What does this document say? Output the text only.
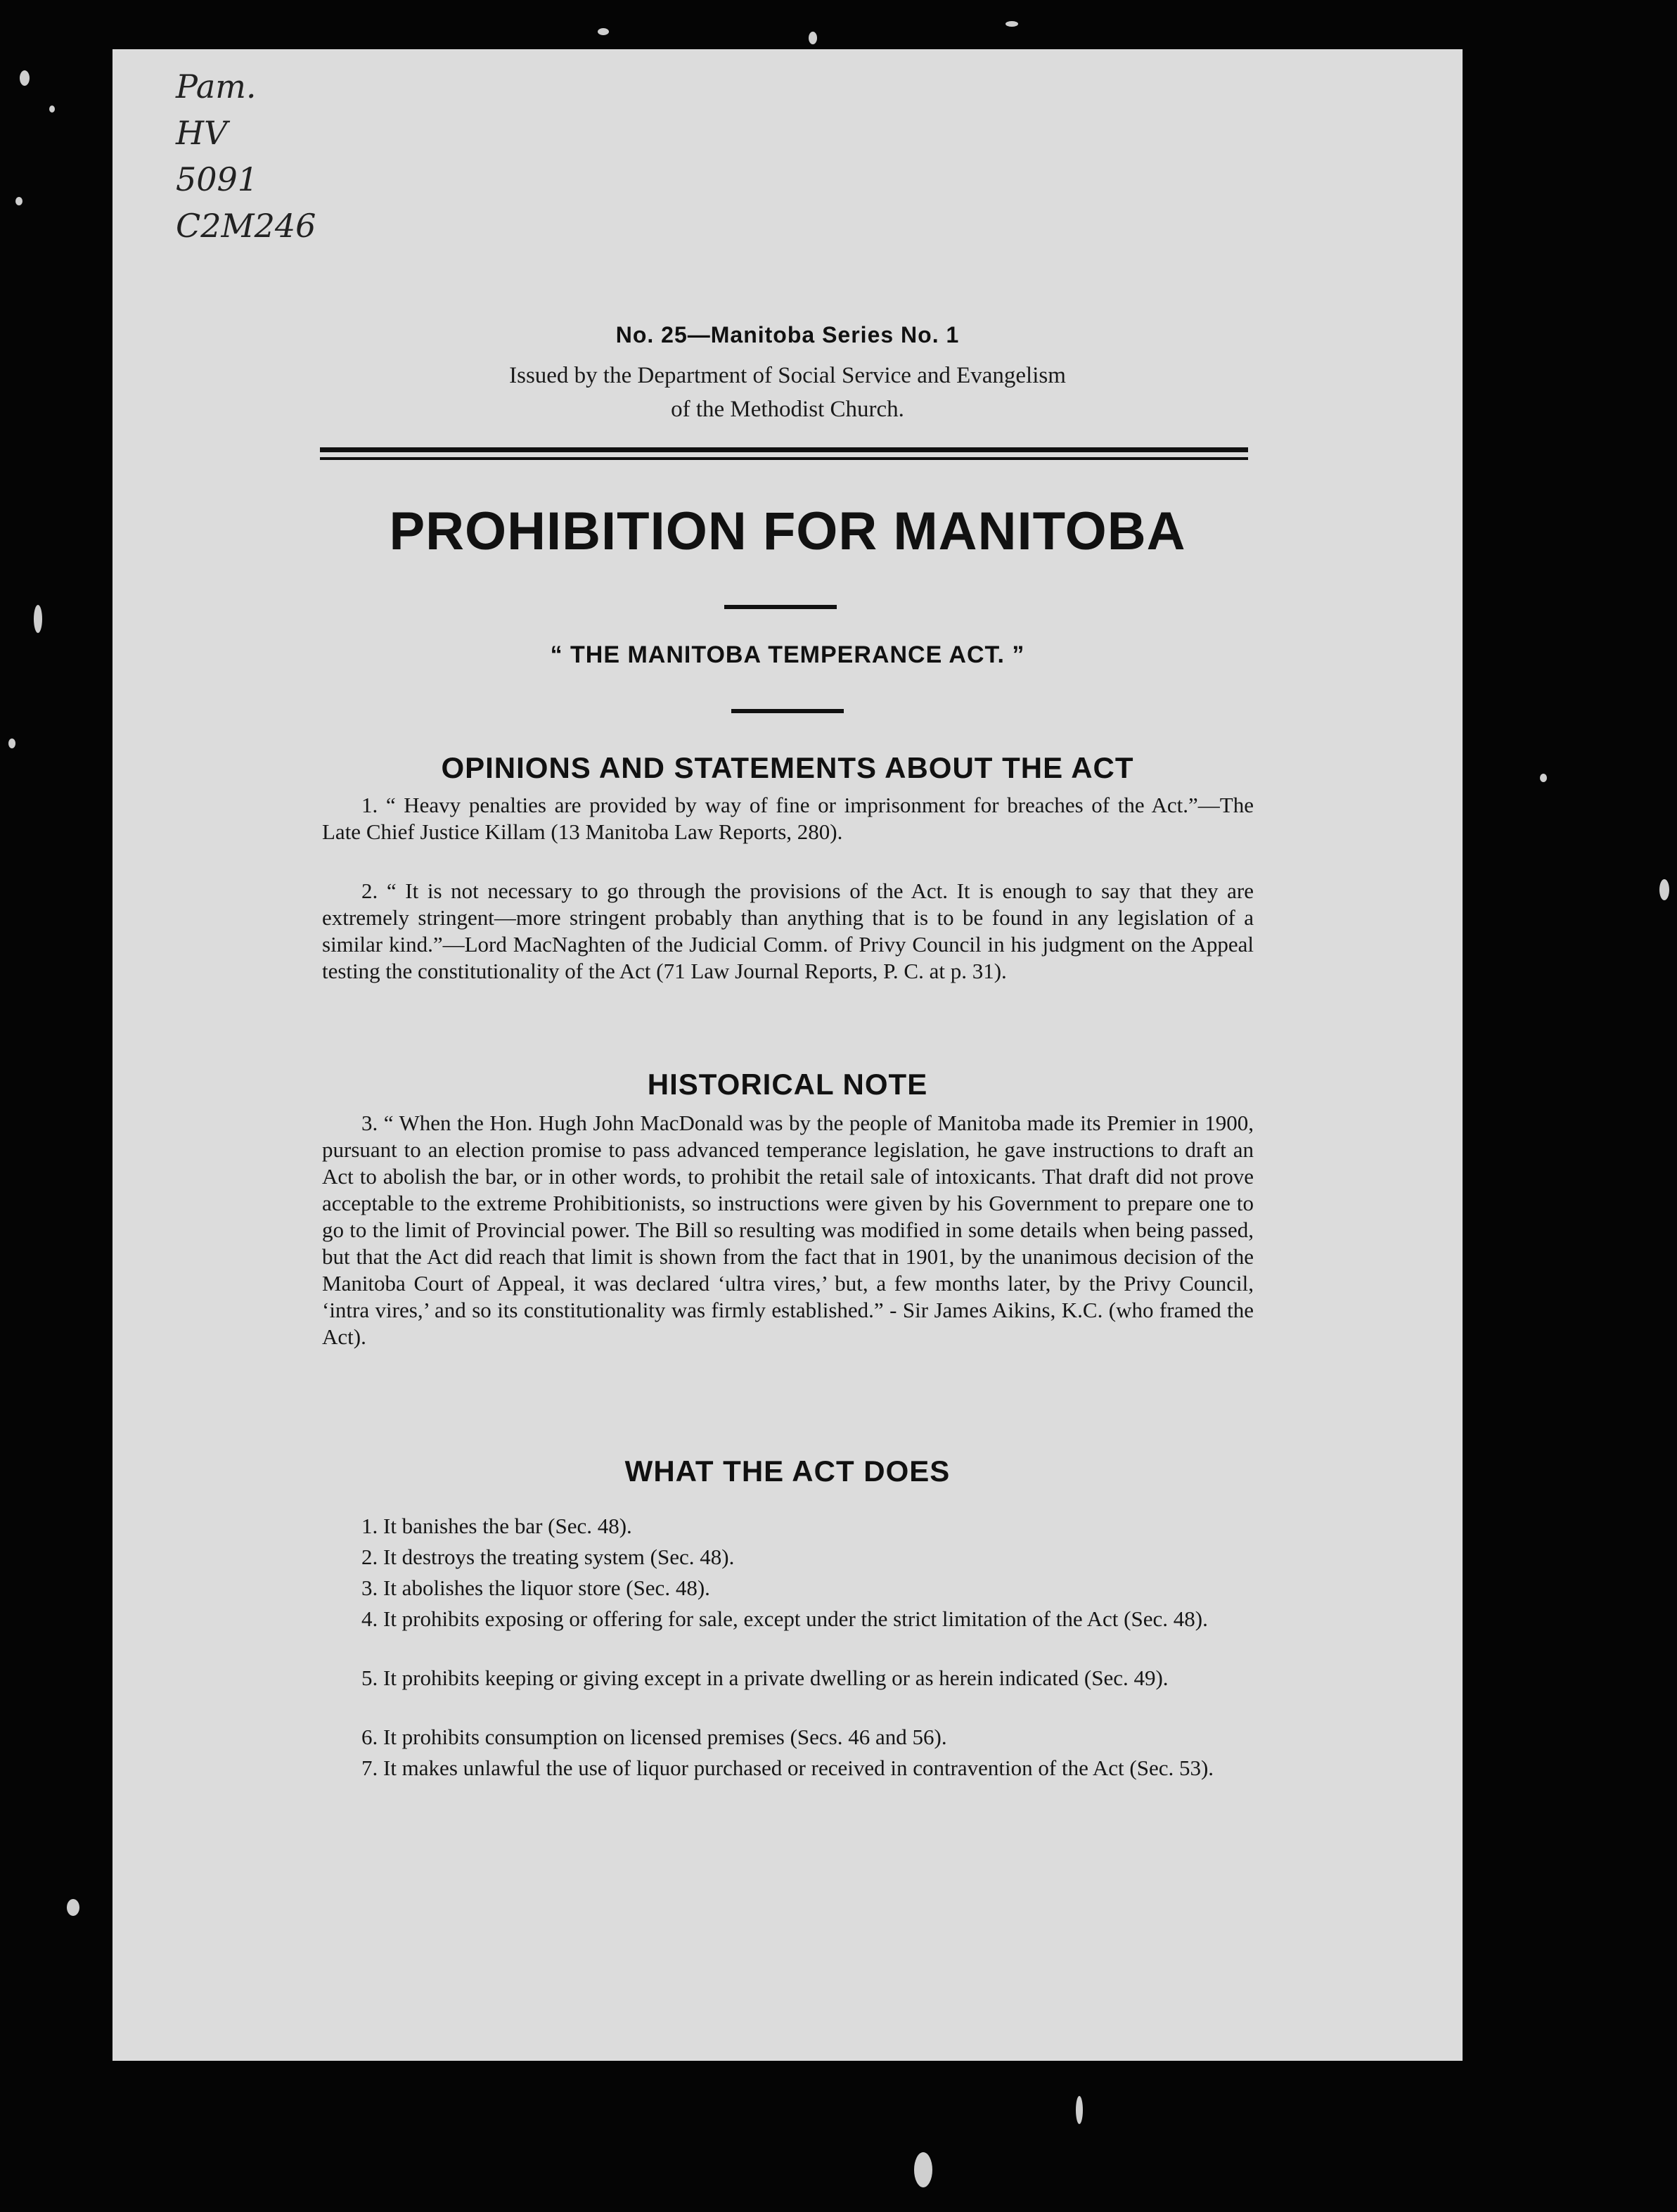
Pam.
HV
5091
C2M246
No. 25—Manitoba Series No. 1
Issued by the Department of Social Service and Evangelism
of the Methodist Church.
PROHIBITION FOR MANITOBA
“ THE MANITOBA TEMPERANCE ACT. ”
OPINIONS AND STATEMENTS ABOUT THE ACT

1. “ Heavy penalties are provided by way of fine or imprisonment for breaches of the Act.”—The Late Chief Justice Killam (13 Manitoba Law Reports, 280).

2. “ It is not necessary to go through the provisions of the Act. It is enough to say that they are extremely stringent—more stringent probably than anything that is to be found in any legislation of a similar kind.”—Lord MacNaghten of the Judicial Comm. of Privy Council in his judgment on the Appeal testing the constitutionality of the Act (71 Law Journal Reports, P. C. at p. 31).

HISTORICAL NOTE

3. “ When the Hon. Hugh John MacDonald was by the people of Manitoba made its Premier in 1900, pursuant to an election promise to pass advanced temperance legislation, he gave instructions to draft an Act to abolish the bar, or in other words, to prohibit the retail sale of intoxicants. That draft did not prove acceptable to the extreme Prohibitionists, so instructions were given by his Government to prepare one to go to the limit of Provincial power. The Bill so resulting was modified in some details when being passed, but that the Act did reach that limit is shown from the fact that in 1901, by the unanimous decision of the Manitoba Court of Appeal, it was declared ‘ultra vires,’ but, a few months later, by the Privy Council, ‘intra vires,’ and so its constitutionality was firmly established.” - Sir James Aikins, K.C. (who framed the Act).

WHAT THE ACT DOES

1. It banishes the bar (Sec. 48).

2. It destroys the treating system (Sec. 48).

3. It abolishes the liquor store (Sec. 48).

4. It prohibits exposing or offering for sale, except under the strict limitation of the Act (Sec. 48).

5. It prohibits keeping or giving except in a private dwelling or as herein indicated (Sec. 49).

6. It prohibits consumption on licensed premises (Secs. 46 and 56).

7. It makes unlawful the use of liquor purchased or received in contravention of the Act (Sec. 53).
